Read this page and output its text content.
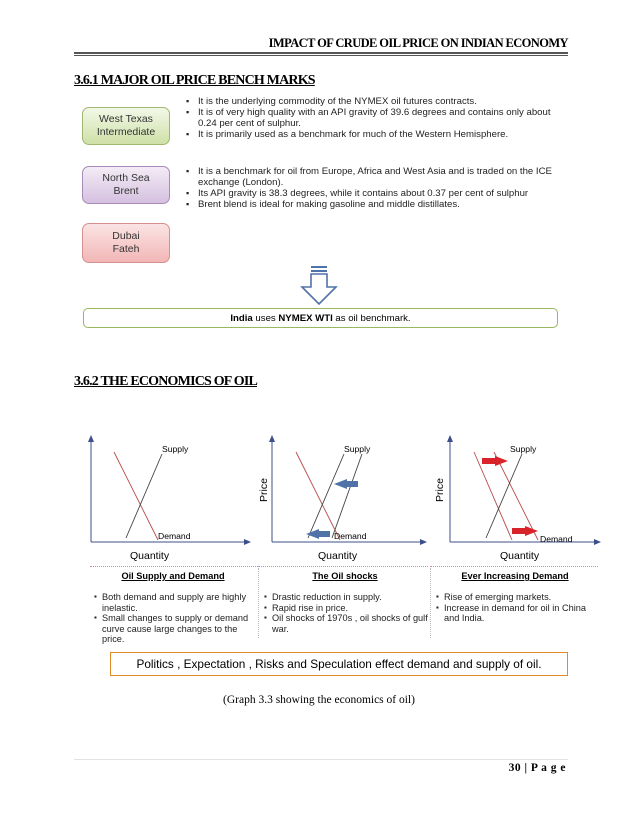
IMPACT OF CRUDE OIL PRICE ON INDIAN ECONOMY
3.6.1 MAJOR OIL PRICE BENCH MARKS
West Texas
Intermediate
North Sea
Brent
Dubai
Fateh
▪ It is the underlying commodity of the NYMEX oil futures contracts.
▪ It is of very high quality with an API gravity of 39.6 degrees and contains only about 0.24 per cent of sulphur.
▪ It is primarily used as a benchmark for much of the Western Hemisphere.
▪ It is a benchmark for oil from Europe, Africa and West Asia and is traded on the ICE exchange (London).
▪ Its API gravity is 38.3 degrees, while it contains about 0.37 per cent of sulphur
▪ Brent blend is ideal for making gasoline and middle distillates.
India uses NYMEX WTI as oil benchmark.
3.6.2 THE ECONOMICS OF OIL
Supply
Demand
Quantity
Price
Supply
Demand
Quantity
Price
Supply
Demand
Quantity
Oil Supply and Demand
▪ Both demand and supply are highly inelastic.
▪ Small changes to supply or demand curve cause large changes to the price.
The Oil shocks
▪ Drastic reduction in supply.
▪ Rapid rise in price.
▪ Oil shocks of 1970s , oil shocks of gulf war.
Ever Increasing Demand
▪ Rise of emerging markets.
▪ Increase in demand for oil in China and India.
Politics , Expectation , Risks and Speculation effect demand and supply of oil.
(Graph 3.3 showing the economics of oil)
30 | P a g e
